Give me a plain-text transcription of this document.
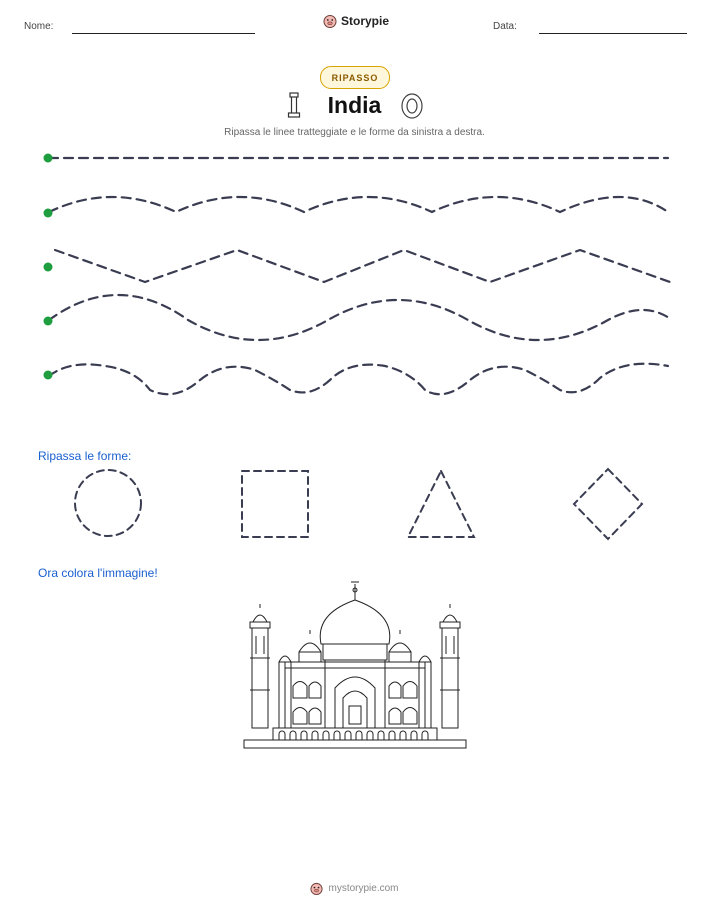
Nome:	Storypie	Data:
RIPASSO
India
Ripassa le linee tratteggiate e le forme da sinistra a destra.
Ripassa le forme:
Ora colora l'immagine!
mystorypie.com
